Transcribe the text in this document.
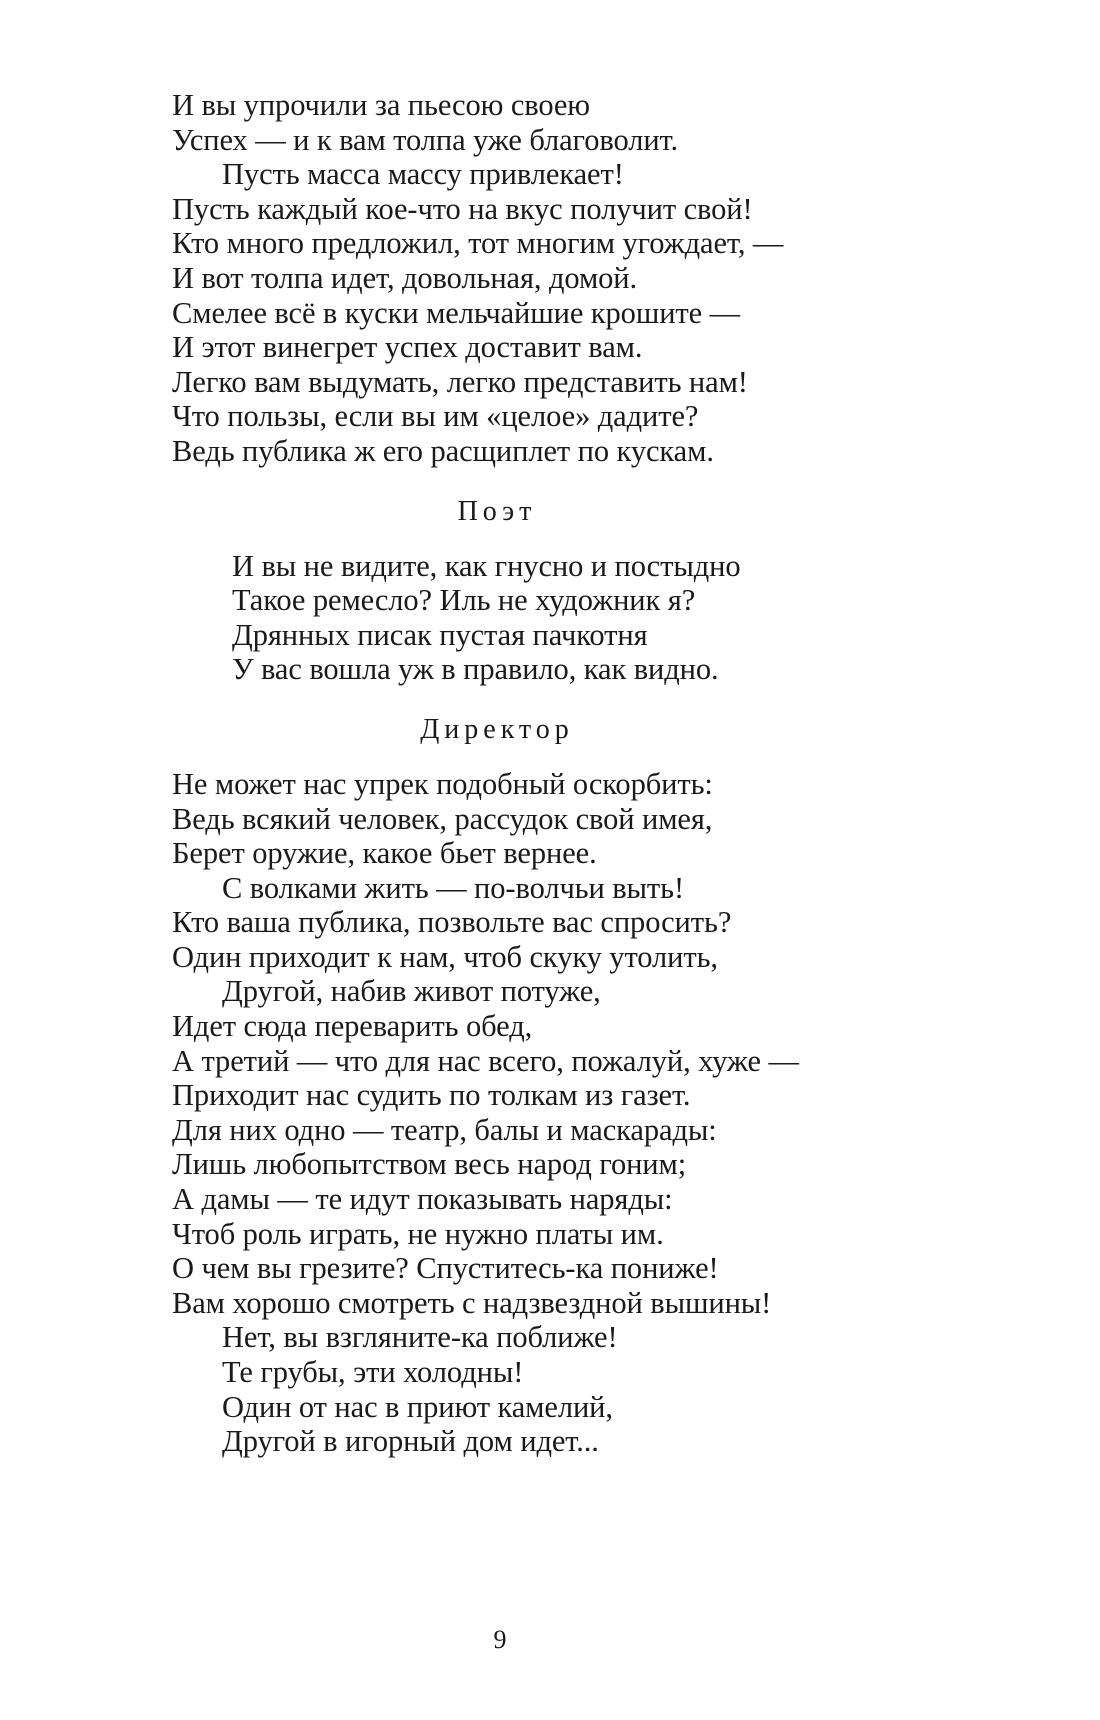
И вы упрочили за пьесою своею
Успех — и к вам толпа уже благоволит.
Пусть масса массу привлекает!
Пусть каждый кое-что на вкус получит свой!
Кто много предложил, тот многим угождает, —
И вот толпа идет, довольная, домой.
Смелее всё в куски мельчайшие крошите —
И этот винегрет успех доставит вам.
Легко вам выдумать, легко представить нам!
Что пользы, если вы им «целое» дадите?
Ведь публика ж его расщиплет по кускам.
Поэт
И вы не видите, как гнусно и постыдно
Такое ремесло? Иль не художник я?
Дрянных писак пустая пачкотня
У вас вошла уж в правило, как видно.
Директор
Не может нас упрек подобный оскорбить:
Ведь всякий человек, рассудок свой имея,
Берет оружие, какое бьет вернее.
С волками жить — по-волчьи выть!
Кто ваша публика, позвольте вас спросить?
Один приходит к нам, чтоб скуку утолить,
Другой, набив живот потуже,
Идет сюда переварить обед,
А третий — что для нас всего, пожалуй, хуже —
Приходит нас судить по толкам из газет.
Для них одно — театр, балы и маскарады:
Лишь любопытством весь народ гоним;
А дамы — те идут показывать наряды:
Чтоб роль играть, не нужно платы им.
О чем вы грезите? Спуститесь-ка пониже!
Вам хорошо смотреть с надзвездной вышины!
Нет, вы взгляните-ка поближе!
Те грубы, эти холодны!
Один от нас в приют камелий,
Другой в игорный дом идет...
9
